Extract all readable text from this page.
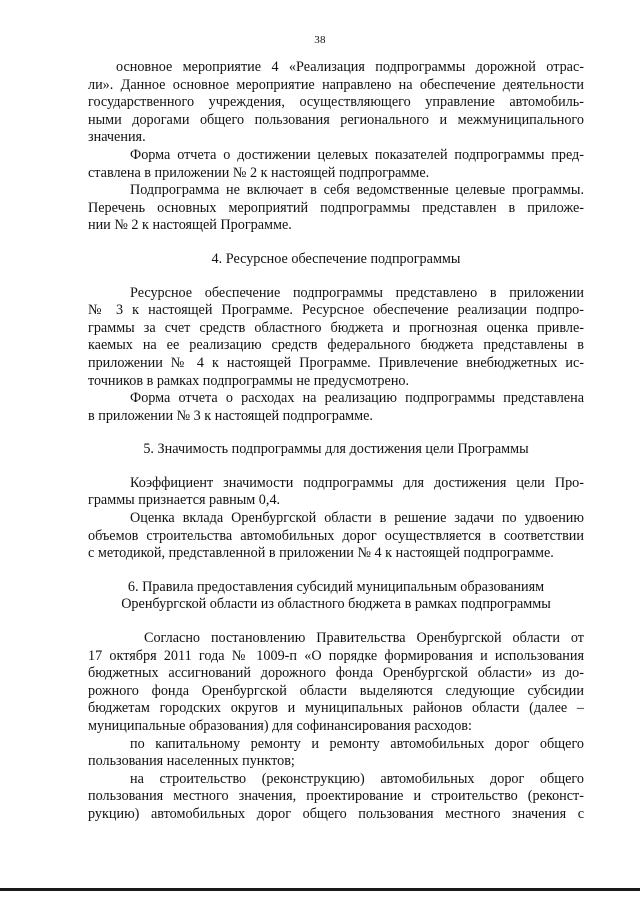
38
основное мероприятие 4 «Реализация подпрограммы дорожной отрас-
ли». Данное основное мероприятие направлено на обеспечение деятельности
государственного учреждения, осуществляющего управление автомобиль-
ными дорогами общего пользования регионального и межмуниципального
значения.
Форма отчета о достижении целевых показателей подпрограммы пред-
ставлена в приложении № 2 к настоящей подпрограмме.
Подпрограмма не включает в себя ведомственные целевые программы.
Перечень основных мероприятий подпрограммы представлен в приложе-
нии № 2 к настоящей Программе.
4. Ресурсное обеспечение подпрограммы
Ресурсное обеспечение подпрограммы представлено в приложении
№ 3 к настоящей Программе. Ресурсное обеспечение реализации подпро-
граммы за счет средств областного бюджета и прогнозная оценка привле-
каемых на ее реализацию средств федерального бюджета представлены в
приложении № 4 к настоящей Программе. Привлечение внебюджетных ис-
точников в рамках подпрограммы не предусмотрено.
Форма отчета о расходах на реализацию подпрограммы представлена
в приложении № 3 к настоящей подпрограмме.
5. Значимость подпрограммы для достижения цели Программы
Коэффициент значимости подпрограммы для достижения цели Про-
граммы признается равным 0,4.
Оценка вклада Оренбургской области в решение задачи по удвоению
объемов строительства автомобильных дорог осуществляется в соответствии
с методикой, представленной в приложении № 4 к настоящей подпрограмме.
6. Правила предоставления субсидий муниципальным образованиям
Оренбургской области из областного бюджета в рамках подпрограммы
Согласно постановлению Правительства Оренбургской области от
17 октября 2011 года № 1009-п «О порядке формирования и использования
бюджетных ассигнований дорожного фонда Оренбургской области» из до-
рожного фонда Оренбургской области выделяются следующие субсидии
бюджетам городских округов и муниципальных районов области (далее –
муниципальные образования) для софинансирования расходов:
по капитальному ремонту и ремонту автомобильных дорог общего
пользования населенных пунктов;
на строительство (реконструкцию) автомобильных дорог общего
пользования местного значения, проектирование и строительство (реконст-
рукцию) автомобильных дорог общего пользования местного значения с
